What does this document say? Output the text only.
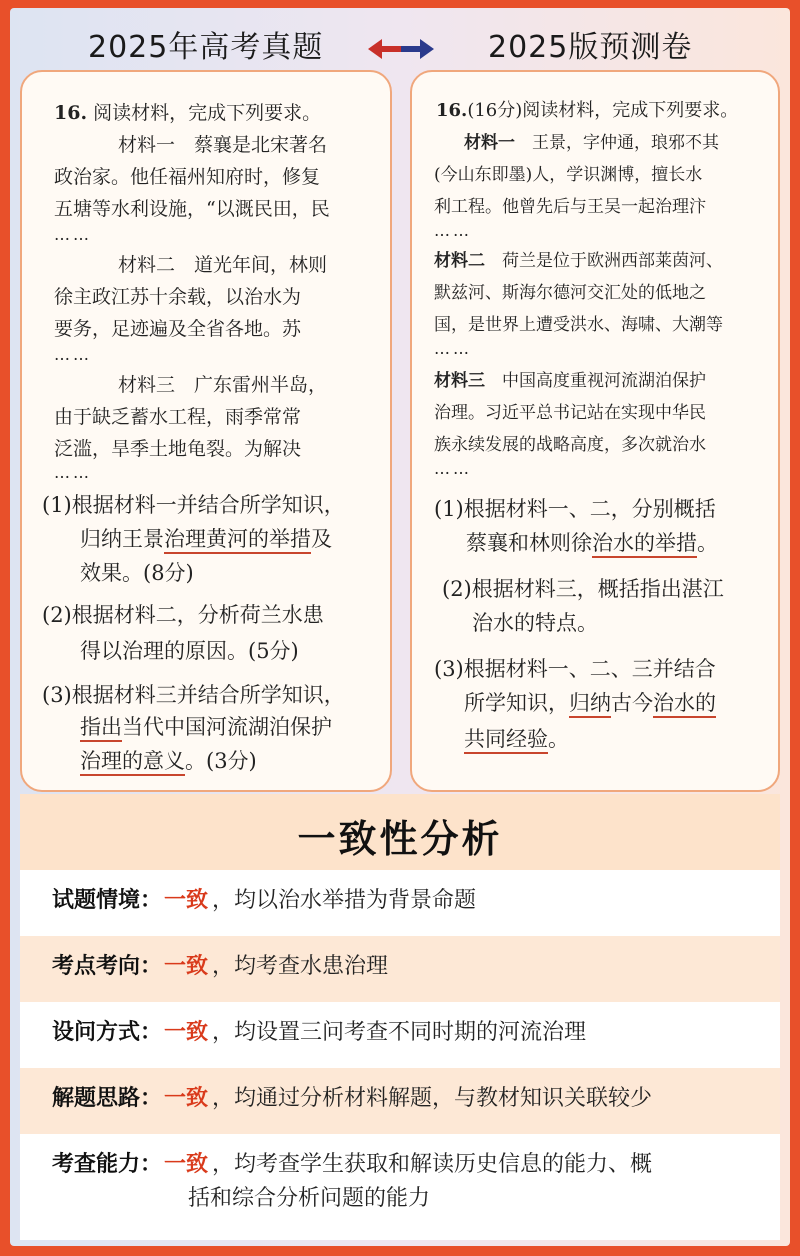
2025年高考真题	2025版预测卷
16. 阅读材料，完成下列要求。
材料一　蔡襄是北宋著名
政治家。他任福州知府时，修复
五塘等水利设施，“以溉民田，民
……
材料二　道光年间，林则
徐主政江苏十余载，以治水为
要务，足迹遍及全省各地。苏
……
材料三　广东雷州半岛，
由于缺乏蓄水工程，雨季常常
泛滥，旱季土地龟裂。为解决
……
(1)根据材料一并结合所学知识，
归纳王景治理黄河的举措及
效果。(8分)
(2)根据材料二，分析荷兰水患
得以治理的原因。(5分)
(3)根据材料三并结合所学知识，
指出当代中国河流湖泊保护
治理的意义。(3分)
16.(16分)阅读材料，完成下列要求。
材料一　 王景，字仲通，琅邪不其
(今山东即墨)人，学识渊博，擅长水
利工程。他曾先后与王吴一起治理汴
……
材料二　 荷兰是位于欧洲西部莱茵河、
默兹河、斯海尔德河交汇处的低地之
国，是世界上遭受洪水、海啸、大潮等
……
材料三　 中国高度重视河流湖泊保护
治理。习近平总书记站在实现中华民
族永续发展的战略高度，多次就治水
……
(1)根据材料一、二，分别概括
蔡襄和林则徐治水的举措。
(2)根据材料三，概括指出湛江
治水的特点。
(3)根据材料一、二、三并结合
所学知识，归纳古今治水的
共同经验。
一致性分析
试题情境：一致 ，均以治水举措为背景命题
考点考向：一致 ，均考查水患治理
设问方式：一致 ，均设置三问考查不同时期的河流治理
解题思路：一致 ，均通过分析材料解题，与教材知识关联较少
考查能力：一致 ，均考查学生获取和解读历史信息的能力、概
括和综合分析问题的能力
